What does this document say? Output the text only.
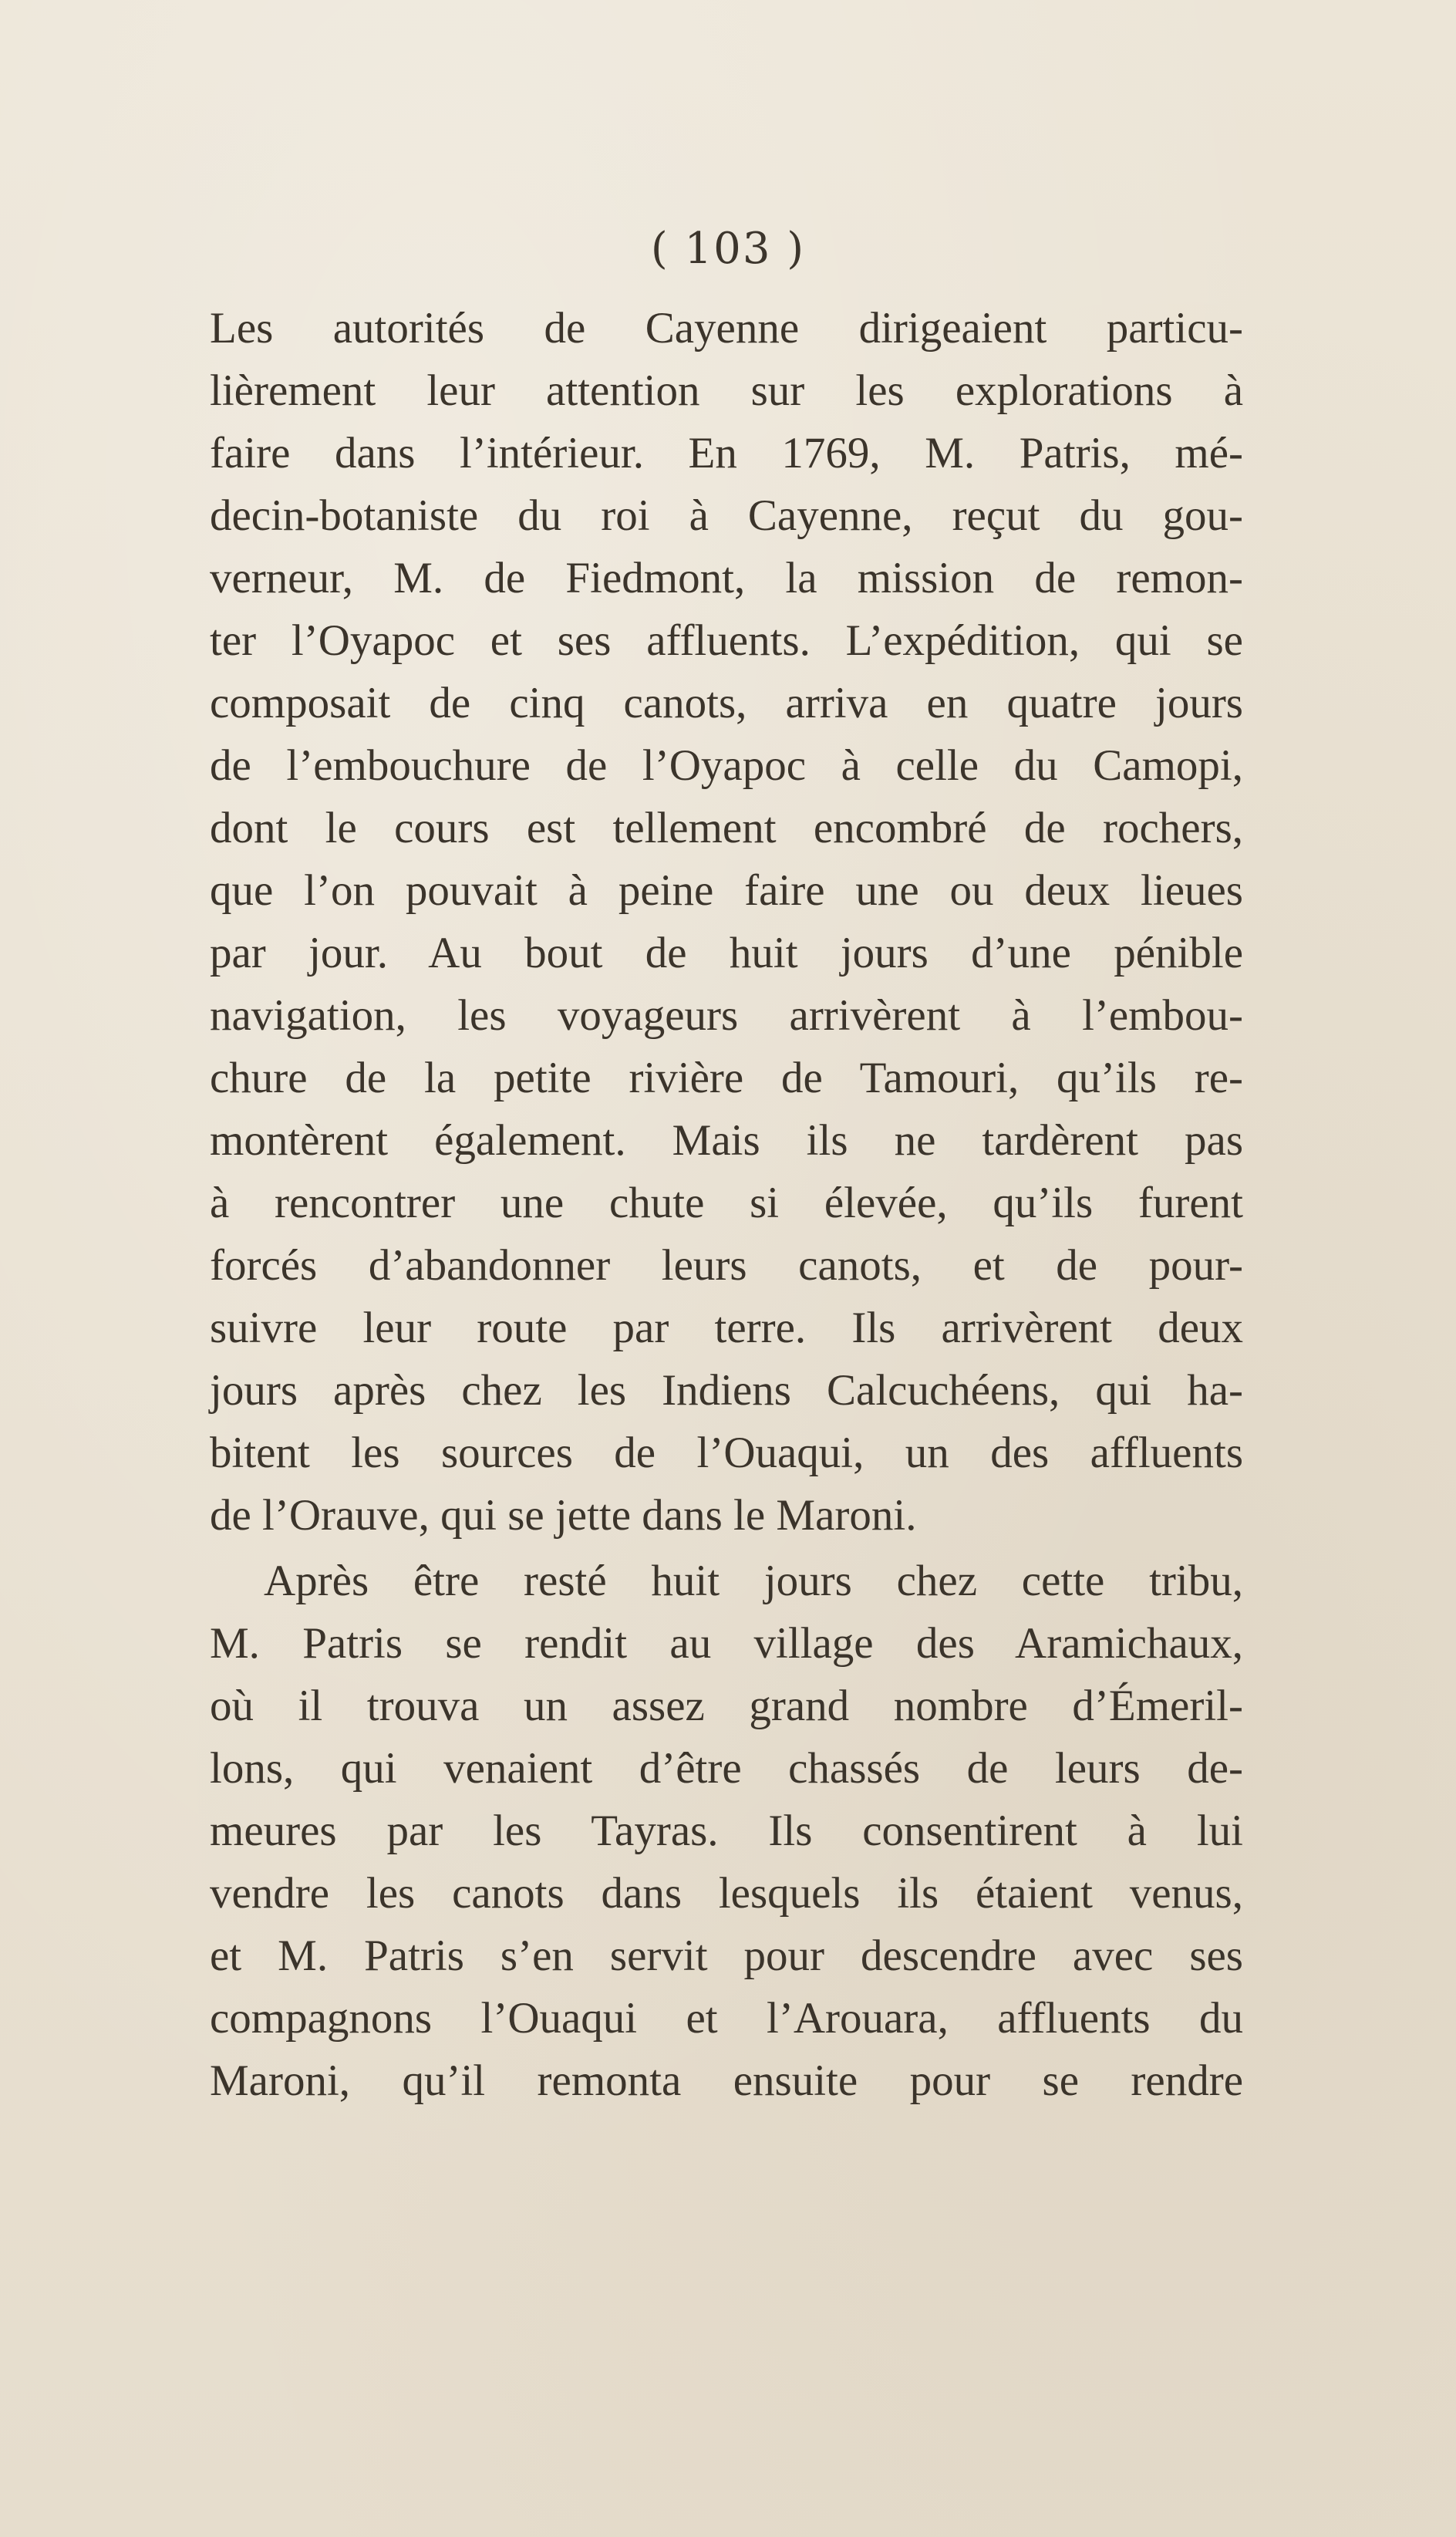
( 103 )
Les autorités de Cayenne dirigeaient particu-
lièrement leur attention sur les explorations à
faire dans l’intérieur. En 1769, M. Patris, mé-
decin-botaniste du roi à Cayenne, reçut du gou-
verneur, M. de Fiedmont, la mission de remon-
ter l’Oyapoc et ses affluents. L’expédition, qui se
composait de cinq canots, arriva en quatre jours
de l’embouchure de l’Oyapoc à celle du Camopi,
dont le cours est tellement encombré de rochers,
que l’on pouvait à peine faire une ou deux lieues
par jour. Au bout de huit jours d’une pénible
navigation, les voyageurs arrivèrent à l’embou-
chure de la petite rivière de Tamouri, qu’ils re-
montèrent également. Mais ils ne tardèrent pas
à rencontrer une chute si élevée, qu’ils furent
forcés d’abandonner leurs canots, et de pour-
suivre leur route par terre. Ils arrivèrent deux
jours après chez les Indiens Calcuchéens, qui ha-
bitent les sources de l’Ouaqui, un des affluents
de l’Orauve, qui se jette dans le Maroni.
Après être resté huit jours chez cette tribu,
M. Patris se rendit au village des Aramichaux,
où il trouva un assez grand nombre d’Émeril-
lons, qui venaient d’être chassés de leurs de-
meures par les Tayras. Ils consentirent à lui
vendre les canots dans lesquels ils étaient venus,
et M. Patris s’en servit pour descendre avec ses
compagnons l’Ouaqui et l’Arouara, affluents du
Maroni, qu’il remonta ensuite pour se rendre
